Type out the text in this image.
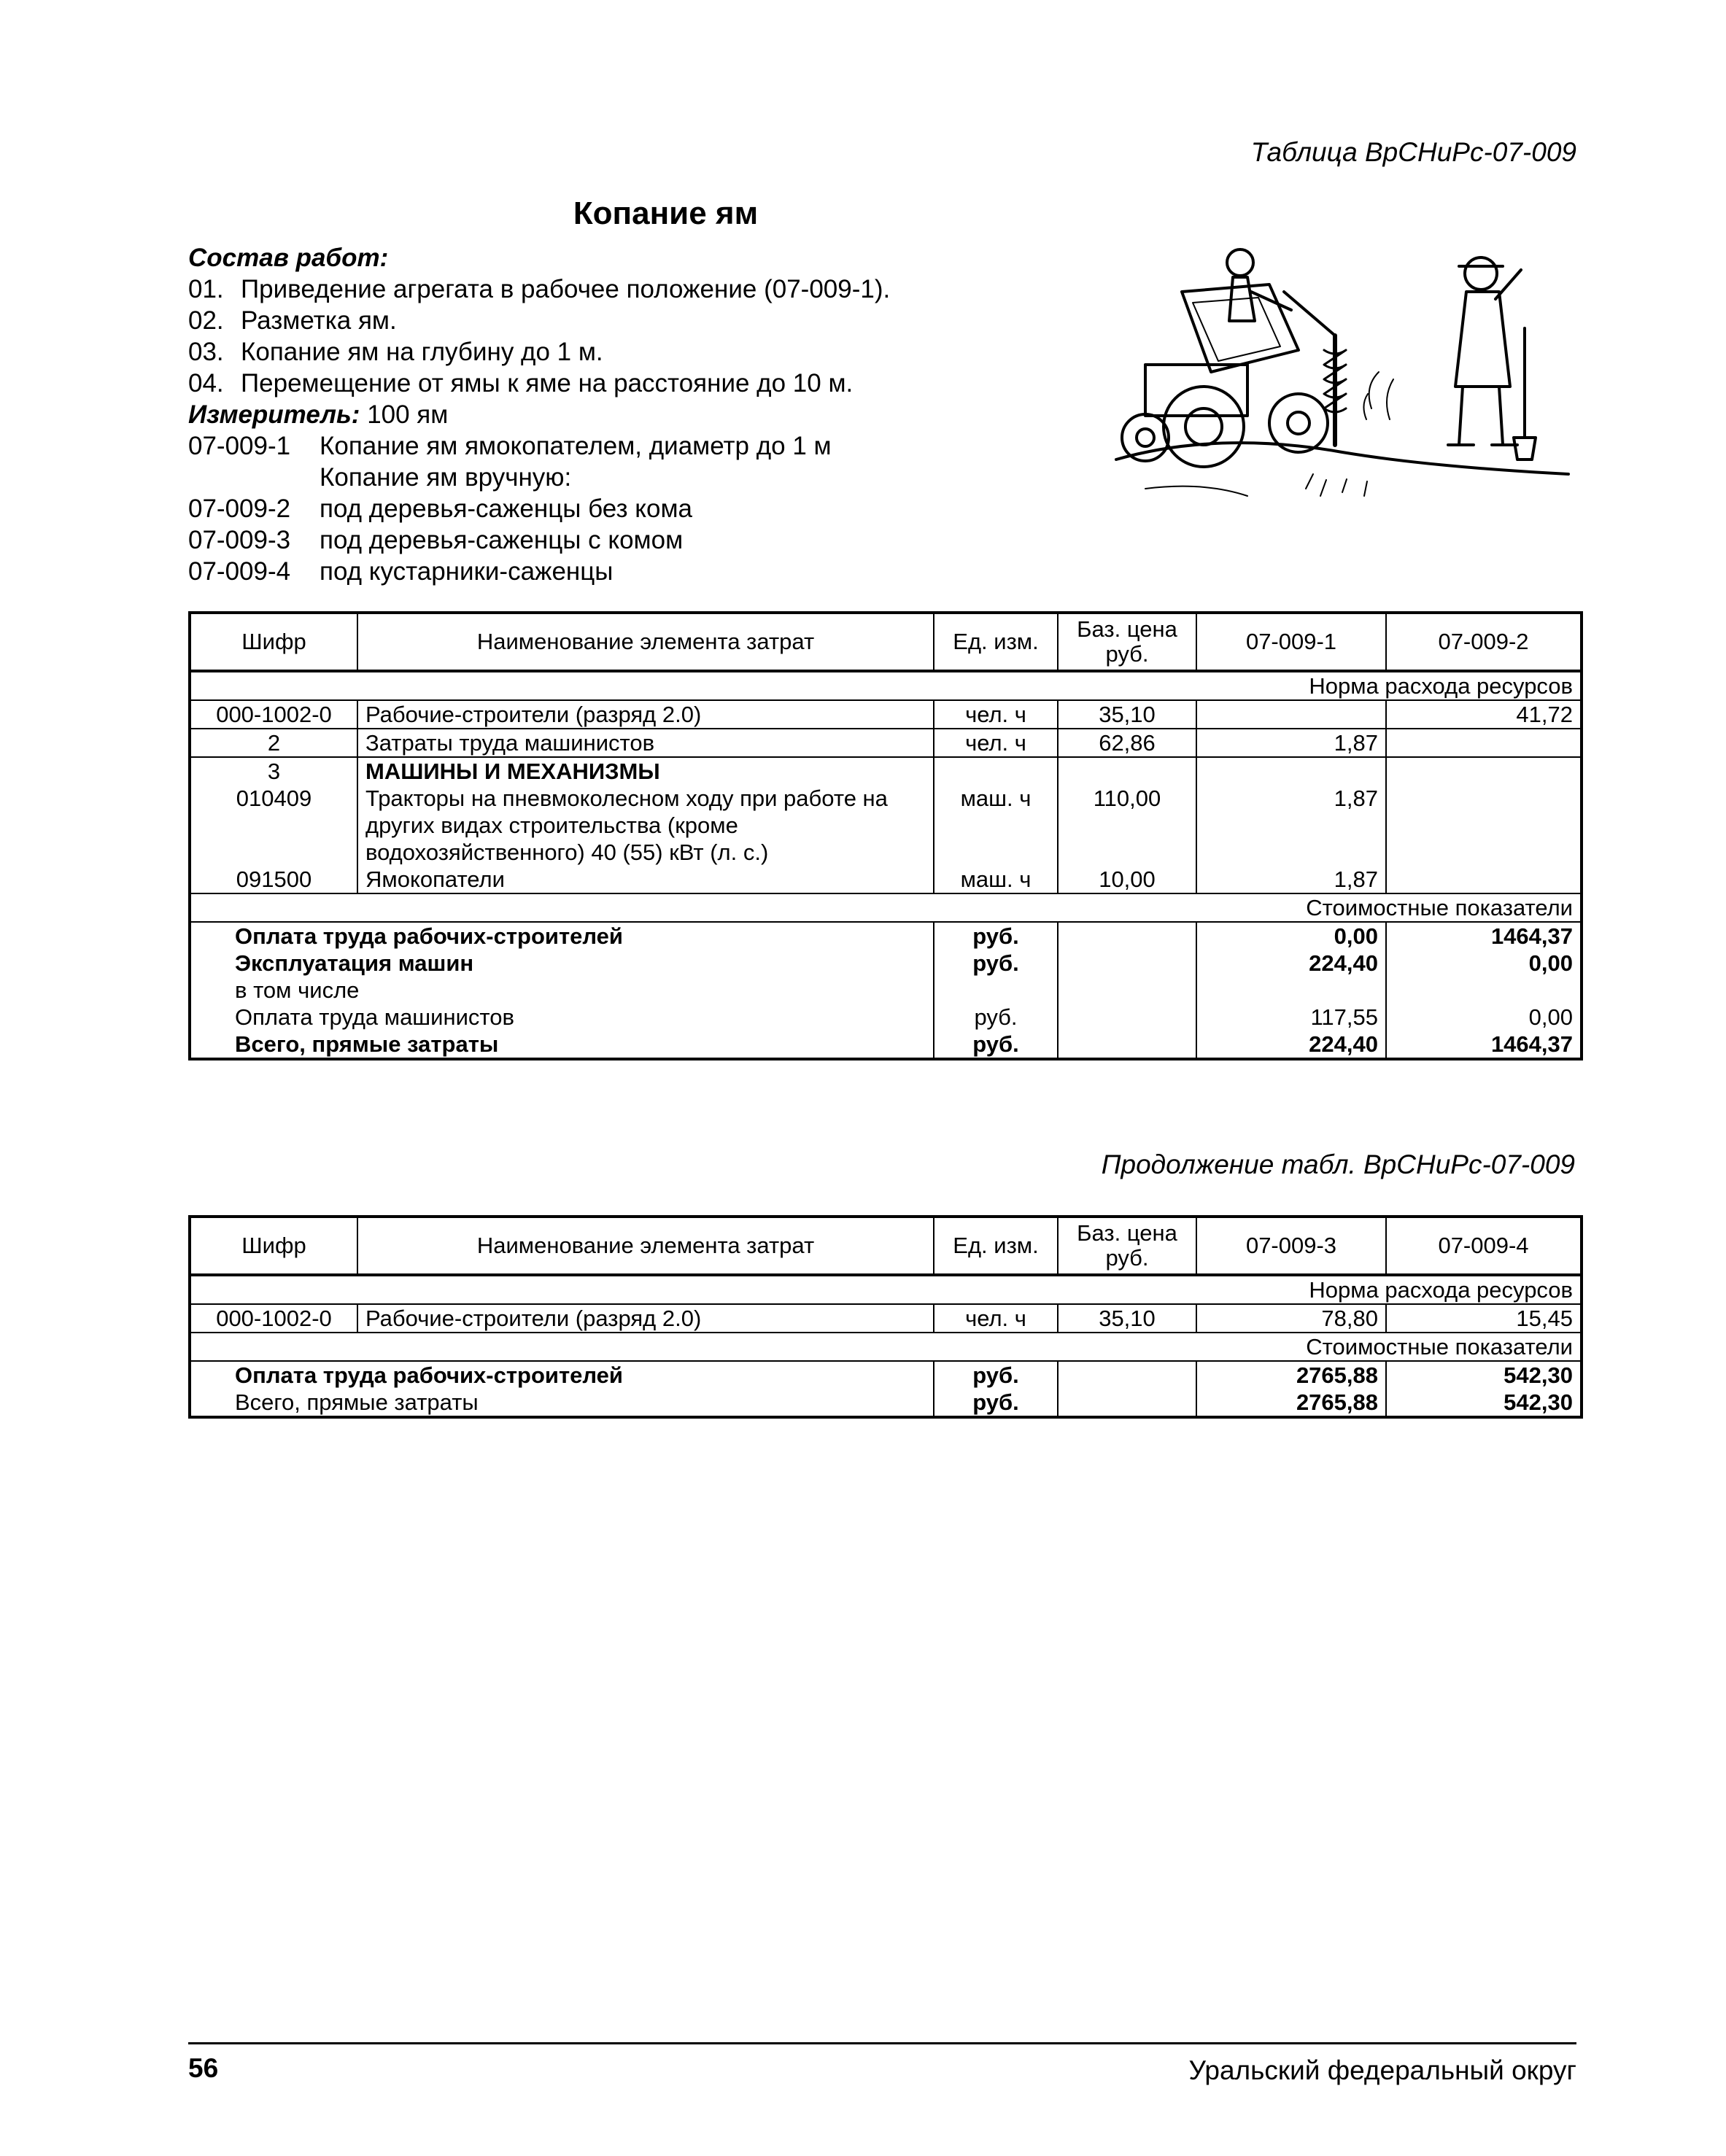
Таблица ВрСНиРс-07-009
Копание ям
Состав работ:
01. Приведение агрегата в рабочее положение (07-009-1).
02. Разметка ям.
03. Копание ям на глубину до 1 м.
04. Перемещение от ямы к яме на расстояние до 10 м.
Измеритель:
100 ям
07-009-1	Копание ям ямокопателем, диаметр до 1 м
Копание ям вручную:
07-009-2	под деревья-саженцы без кома
07-009-3	под деревья-саженцы с комом
07-009-4	под кустарники-саженцы
Шифр	Наименование элемента затрат	Ед. изм.	Баз. цена руб.	07-009-1	07-009-2
Норма расхода ресурсов					
000-1002-0	Рабочие-строители (разряд 2.0)	чел. ч	35,10		41,72
2	Затраты труда машинистов	чел. ч	62,86	1,87	
3	МАШИНЫ И МЕХАНИЗМЫ				
010409	Тракторы на пневмоколесном ходу при работе на других видах строительства (кроме водохозяйственного) 40 (55) кВт (л. с.)	маш. ч	110,00	1,87	
091500	Ямокопатели	маш. ч	10,00	1,87	
Стоимостные показатели					
Оплата труда рабочих-строителей		руб.		0,00	1464,37
Эксплуатация машин		руб.		224,40	0,00
в том числе					
Оплата труда машинистов		руб.		117,55	0,00
Всего, прямые затраты		руб.		224,40	1464,37
Продолжение табл. ВрСНиРс-07-009
Шифр	Наименование элемента затрат	Ед. изм.	Баз. цена руб.	07-009-3	07-009-4
Норма расхода ресурсов					
000-1002-0	Рабочие-строители (разряд 2.0)	чел. ч	35,10	78,80	15,45
Стоимостные показатели					
Оплата труда рабочих-строителей		руб.		2765,88	542,30
Всего, прямые затраты		руб.		2765,88	542,30
56	Уральский федеральный округ
